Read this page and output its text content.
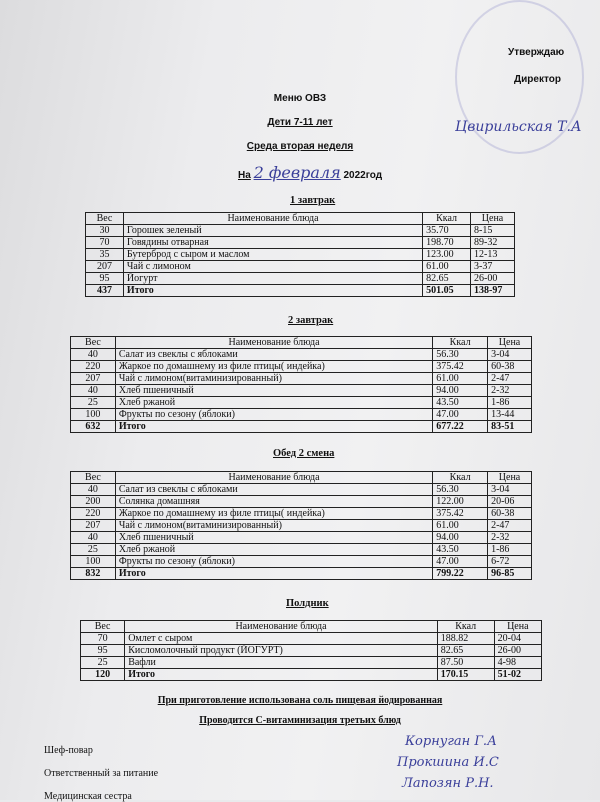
Утверждаю
Директор
Цвирильская Т.А
Меню ОВЗ
Дети 7-11 лет
Среда вторая неделя
На 2 февраля 2022год
1 завтрак
Вес	Наименование блюда	Ккал	Цена
30	Горошек зеленый	35.70	8-15
70	Говядины отварная	198.70	89-32
35	Бутерброд с сыром и маслом	123.00	12-13
207	Чай с лимоном	61.00	3-37
95	Йогурт	82.65	26-00
437	Итого	501.05	138-97
2 завтрак
Вес	Наименование блюда	Ккал	Цена
40	Салат из свеклы с яблоками	56.30	3-04
220	Жаркое по домашнему из филе птицы( индейка)	375.42	60-38
207	Чай с лимоном(витаминизированный)	61.00	2-47
40	Хлеб пшеничный	94.00	2-32
25	Хлеб ржаной	43.50	1-86
100	Фрукты по сезону (яблоки)	47.00	13-44
632	Итого	677.22	83-51
Обед 2 смена
Вес	Наименование блюда	Ккал	Цена
40	Салат из свеклы с яблоками	56.30	3-04
200	Солянка домашняя	122.00	20-06
220	Жаркое по домашнему из филе птицы( индейка)	375.42	60-38
207	Чай с лимоном(витаминизированный)	61.00	2-47
40	Хлеб пшеничный	94.00	2-32
25	Хлеб ржаной	43.50	1-86
100	Фрукты по сезону (яблоки)	47.00	6-72
832	Итого	799.22	96-85
Полдник
Вес	Наименование блюда	Ккал	Цена
70	Омлет с сыром	188.82	20-04
95	Кисломолочный продукт (ЙОГУРТ)	82.65	26-00
25	Вафли	87.50	4-98
120	Итого	170.15	51-02
При приготовление использована соль пищевая йодированная
Проводится С-витаминизация третьих блюд
Шеф-повар
Ответственный за питание
Медицинская сестра
Корнуган Г.А
Прокшина И.С
Лапозян Р.Н.
